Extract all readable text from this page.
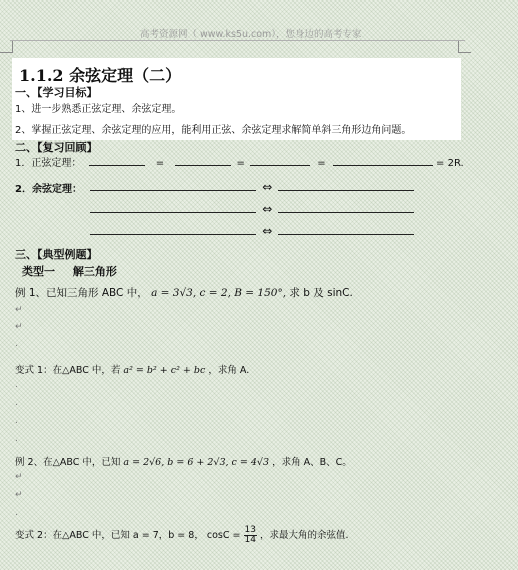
高考资源网（ www.ks5u.com），您身边的高考专家
1.1.2 余弦定理（二）
一、【学习目标】
1、进一步熟悉正弦定理、余弦定理。
2、掌握正弦定理、余弦定理的应用，能利用正弦、余弦定理求解简单斜三角形边角问题。
二、【复习回顾】
1．正弦定理：	=	=	=	= 2R.
2．余弦定理：	⇔
⇔
⇔
三、【典型例题】
类型一 解三角形
例 1、已知三角形 ABC 中， a = 3√3, c = 2, B = 150°, 求 b 及 sinC.
变式 1：在△ABC 中，若 a² = b² + c² + bc ，求角 A.
例 2、在△ABC 中，已知 a = 2√6, b = 6 + 2√3, c = 4√3 ，求角 A、B、C。
变式 2：在△ABC 中，已知 a = 7，b = 8， $\cos C = \frac{13}{14}$ ，求最大角的余弦值.
↵
↵
.
.
.
.
.
↵
↵
.
